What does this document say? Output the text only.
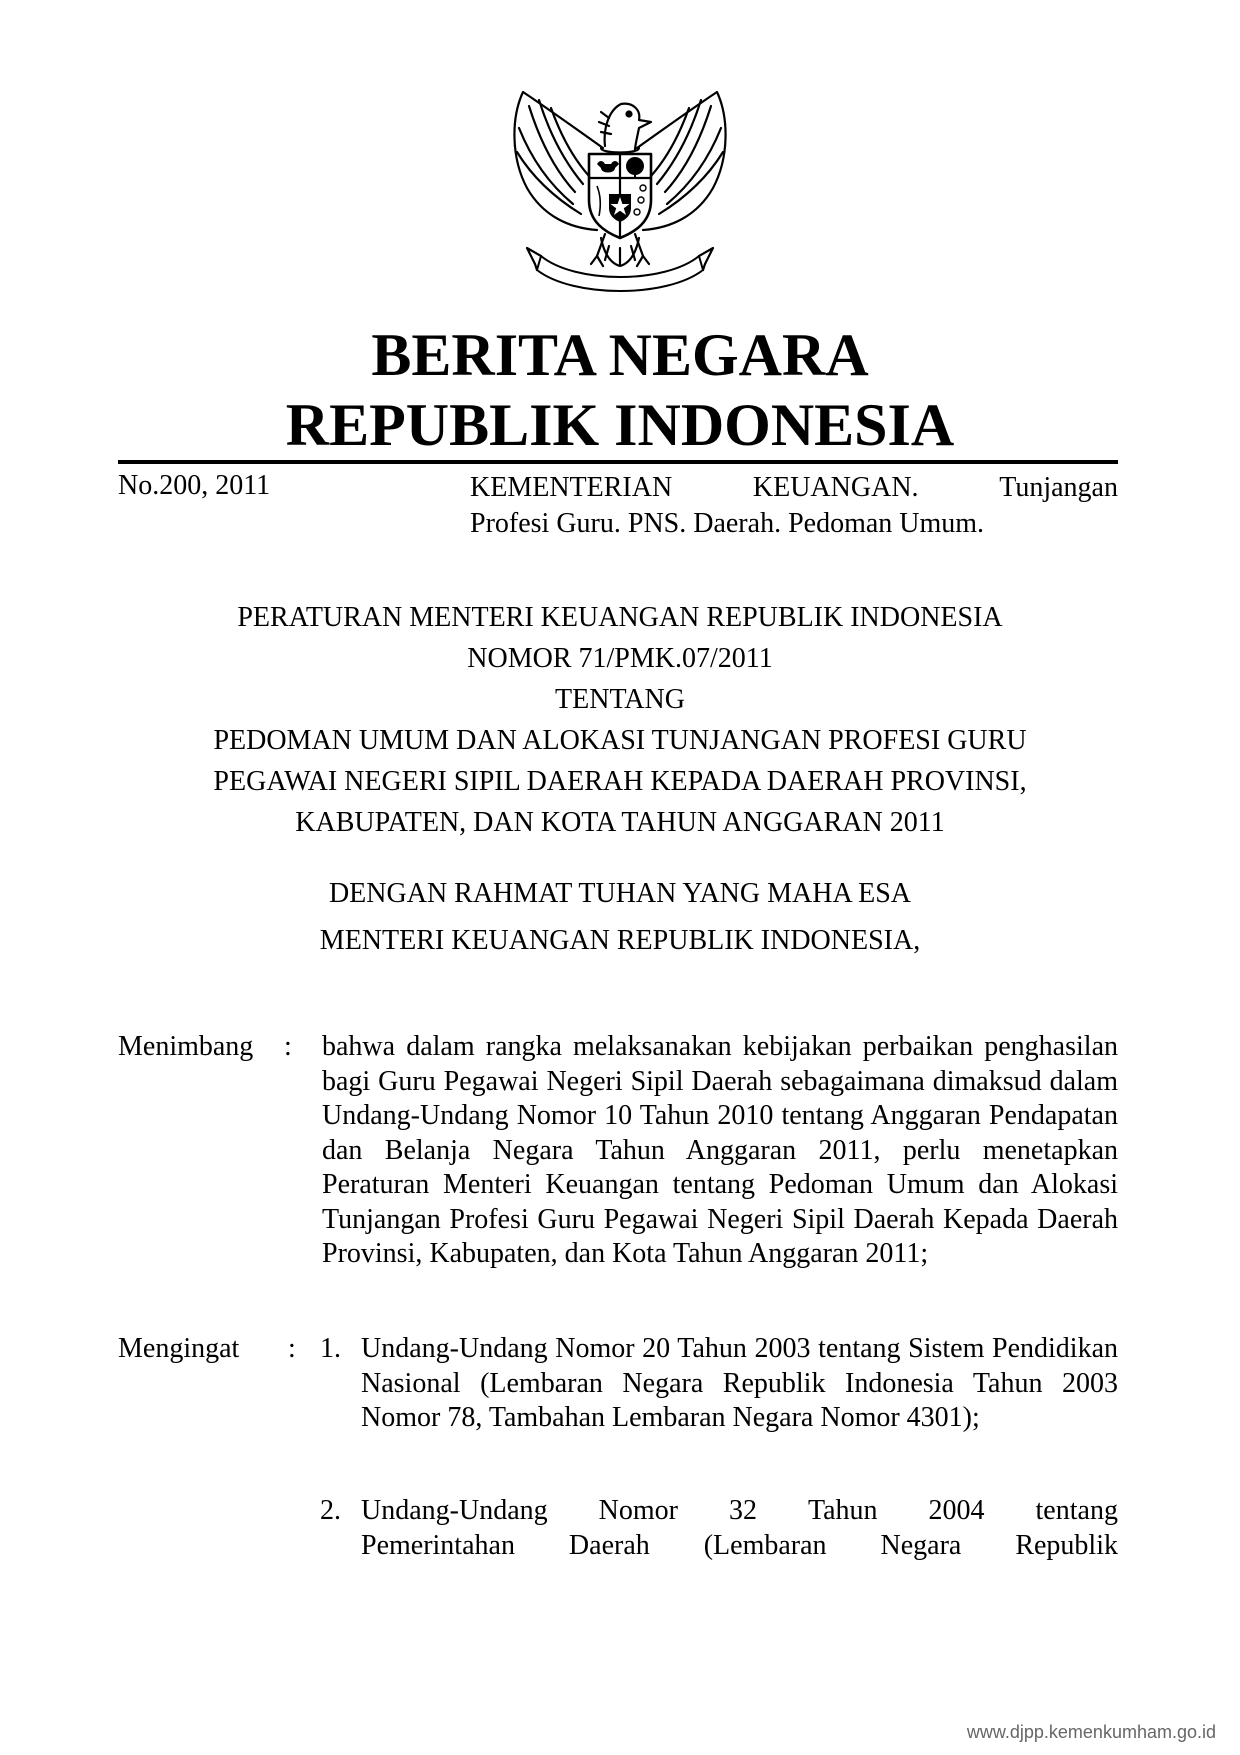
BERITA NEGARA
REPUBLIK INDONESIA
No.200, 2011	KEMENTERIAN	KEUANGAN.	Tunjangan
Profesi Guru. PNS. Daerah. Pedoman Umum.
PERATURAN MENTERI KEUANGAN REPUBLIK INDONESIA
NOMOR 71/PMK.07/2011
TENTANG
PEDOMAN UMUM DAN ALOKASI TUNJANGAN PROFESI GURU
PEGAWAI NEGERI SIPIL DAERAH KEPADA DAERAH PROVINSI,
KABUPATEN, DAN KOTA TAHUN ANGGARAN 2011
DENGAN RAHMAT TUHAN YANG MAHA ESA
MENTERI KEUANGAN REPUBLIK INDONESIA,
Menimbang : bahwa dalam rangka melaksanakan kebijakan perbaikan penghasilan bagi Guru Pegawai Negeri Sipil Daerah sebagaimana dimaksud dalam Undang-Undang Nomor 10 Tahun 2010 tentang Anggaran Pendapatan dan Belanja Negara Tahun Anggaran 2011, perlu menetapkan Peraturan Menteri Keuangan tentang Pedoman Umum dan Alokasi Tunjangan Profesi Guru Pegawai Negeri Sipil Daerah Kepada Daerah Provinsi, Kabupaten, dan Kota Tahun Anggaran 2011;
Mengingat : 1. Undang-Undang Nomor 20 Tahun 2003 tentang Sistem Pendidikan Nasional (Lembaran Negara Republik Indonesia Tahun 2003 Nomor 78, Tambahan Lembaran Negara Nomor 4301);
2. Undang-Undang Nomor 32 Tahun 2004 tentang
Pemerintahan Daerah (Lembaran Negara Republik
www.djpp.kemenkumham.go.id
